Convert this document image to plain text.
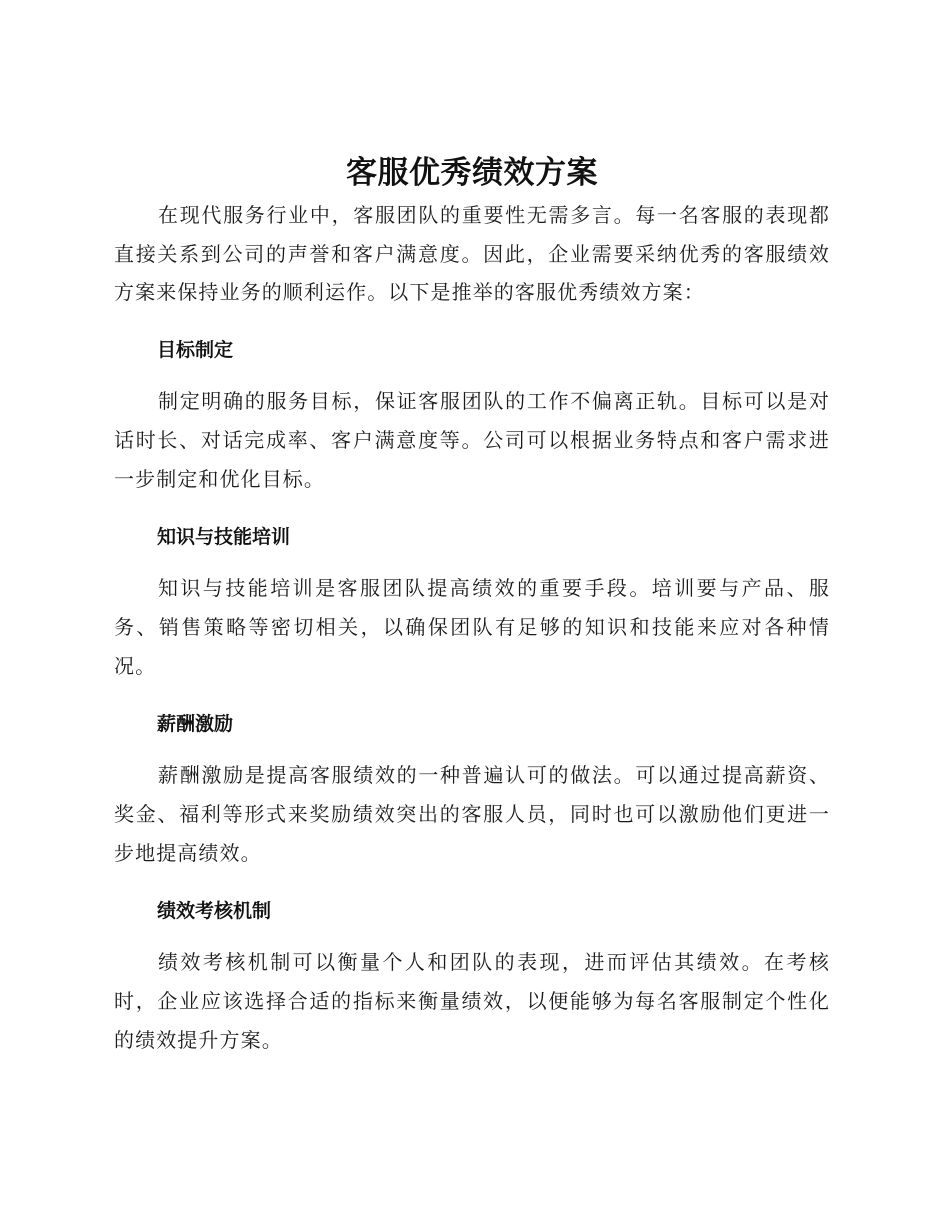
客服优秀绩效方案

在现代服务行业中，客服团队的重要性无需多言。每一名客服的表现都直接关系到公司的声誉和客户满意度。因此，企业需要采纳优秀的客服绩效方案来保持业务的顺利运作。以下是推举的客服优秀绩效方案：

目标制定

制定明确的服务目标，保证客服团队的工作不偏离正轨。目标可以是对话时长、对话完成率、客户满意度等。公司可以根据业务特点和客户需求进一步制定和优化目标。

知识与技能培训

知识与技能培训是客服团队提高绩效的重要手段。培训要与产品、服务、销售策略等密切相关，以确保团队有足够的知识和技能来应对各种情况。

薪酬激励

薪酬激励是提高客服绩效的一种普遍认可的做法。可以通过提高薪资、奖金、福利等形式来奖励绩效突出的客服人员，同时也可以激励他们更进一步地提高绩效。

绩效考核机制

绩效考核机制可以衡量个人和团队的表现，进而评估其绩效。在考核时，企业应该选择合适的指标来衡量绩效，以便能够为每名客服制定个性化的绩效提升方案。
